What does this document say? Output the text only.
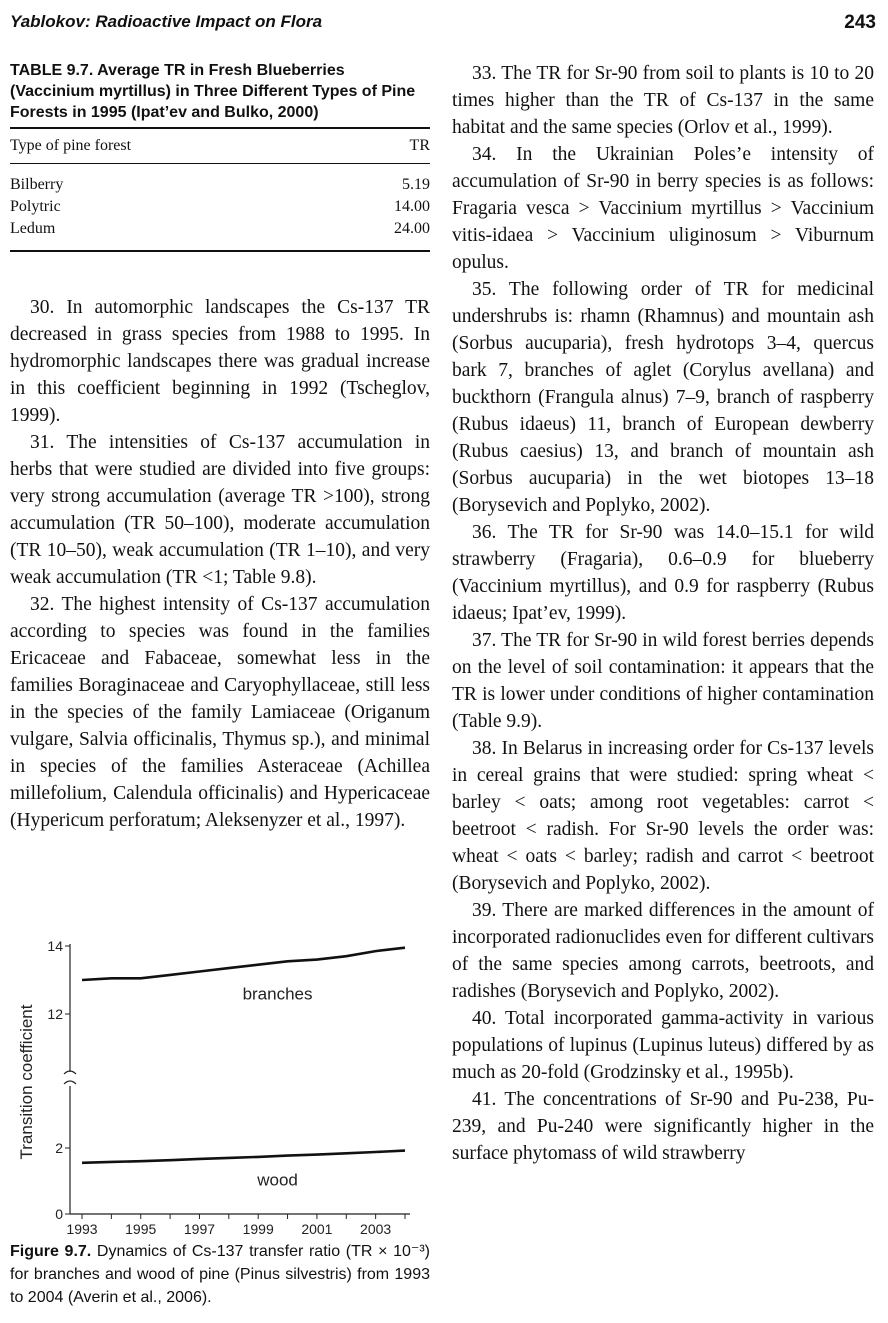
Yablokov: Radioactive Impact on Flora	243
TABLE 9.7. Average TR in Fresh Blueberries (Vaccinium myrtillus) in Three Different Types of Pine Forests in 1995 (Ipat’ev and Bulko, 2000)
Type of pine forest	TR

Bilberry	5.19
Polytric	14.00
Ledum	24.00

30. In automorphic landscapes the Cs-137 TR decreased in grass species from 1988 to 1995. In hydromorphic landscapes there was gradual increase in this coefficient beginning in 1992 (Tscheglov, 1999).

31. The intensities of Cs-137 accumulation in herbs that were studied are divided into five groups: very strong accumulation (average TR >100), strong accumulation (TR 50–100), moderate accumulation (TR 10–50), weak accumulation (TR 1–10), and very weak accumulation (TR <1; Table 9.8).

32. The highest intensity of Cs-137 accumulation according to species was found in the families Ericaceae and Fabaceae, somewhat less in the families Boraginaceae and Caryophyllaceae, still less in the species of the family Lamiaceae (Origanum vulgare, Salvia officinalis, Thymus sp.), and minimal in species of the families Asteraceae (Achillea millefolium, Calendula officinalis) and Hypericaceae (Hypericum perforatum; Aleksenyzer et al., 1997).

0
2
12
14
1993 1995 1997 1999 2001 2003
Transition coefficient
branches
wood
Figure 9.7. Dynamics of Cs-137 transfer ratio (TR × 10⁻³) for branches and wood of pine (Pinus silvestris) from 1993 to 2004 (Averin et al., 2006).

33. The TR for Sr-90 from soil to plants is 10 to 20 times higher than the TR of Cs-137 in the same habitat and the same species (Orlov et al., 1999).

34. In the Ukrainian Poles’e intensity of accumulation of Sr-90 in berry species is as follows: Fragaria vesca > Vaccinium myrtillus > Vaccinium vitis-idaea > Vaccinium uliginosum > Viburnum opulus.

35. The following order of TR for medicinal undershrubs is: rhamn (Rhamnus) and mountain ash (Sorbus aucuparia), fresh hydrotops 3–4, quercus bark 7, branches of aglet (Corylus avellana) and buckthorn (Frangula alnus) 7–9, branch of raspberry (Rubus idaeus) 11, branch of European dewberry (Rubus caesius) 13, and branch of mountain ash (Sorbus aucuparia) in the wet biotopes 13–18 (Borysevich and Poplyko, 2002).

36. The TR for Sr-90 was 14.0–15.1 for wild strawberry (Fragaria), 0.6–0.9 for blueberry (Vaccinium myrtillus), and 0.9 for raspberry (Rubus idaeus; Ipat’ev, 1999).

37. The TR for Sr-90 in wild forest berries depends on the level of soil contamination: it appears that the TR is lower under conditions of higher contamination (Table 9.9).

38. In Belarus in increasing order for Cs-137 levels in cereal grains that were studied: spring wheat < barley < oats; among root vegetables: carrot < beetroot < radish. For Sr-90 levels the order was: wheat < oats < barley; radish and carrot < beetroot (Borysevich and Poplyko, 2002).

39. There are marked differences in the amount of incorporated radionuclides even for different cultivars of the same species among carrots, beetroots, and radishes (Borysevich and Poplyko, 2002).

40. Total incorporated gamma-activity in various populations of lupinus (Lupinus luteus) differed by as much as 20-fold (Grodzinsky et al., 1995b).

41. The concentrations of Sr-90 and Pu-238, Pu-239, and Pu-240 were significantly higher in the surface phytomass of wild strawberry
